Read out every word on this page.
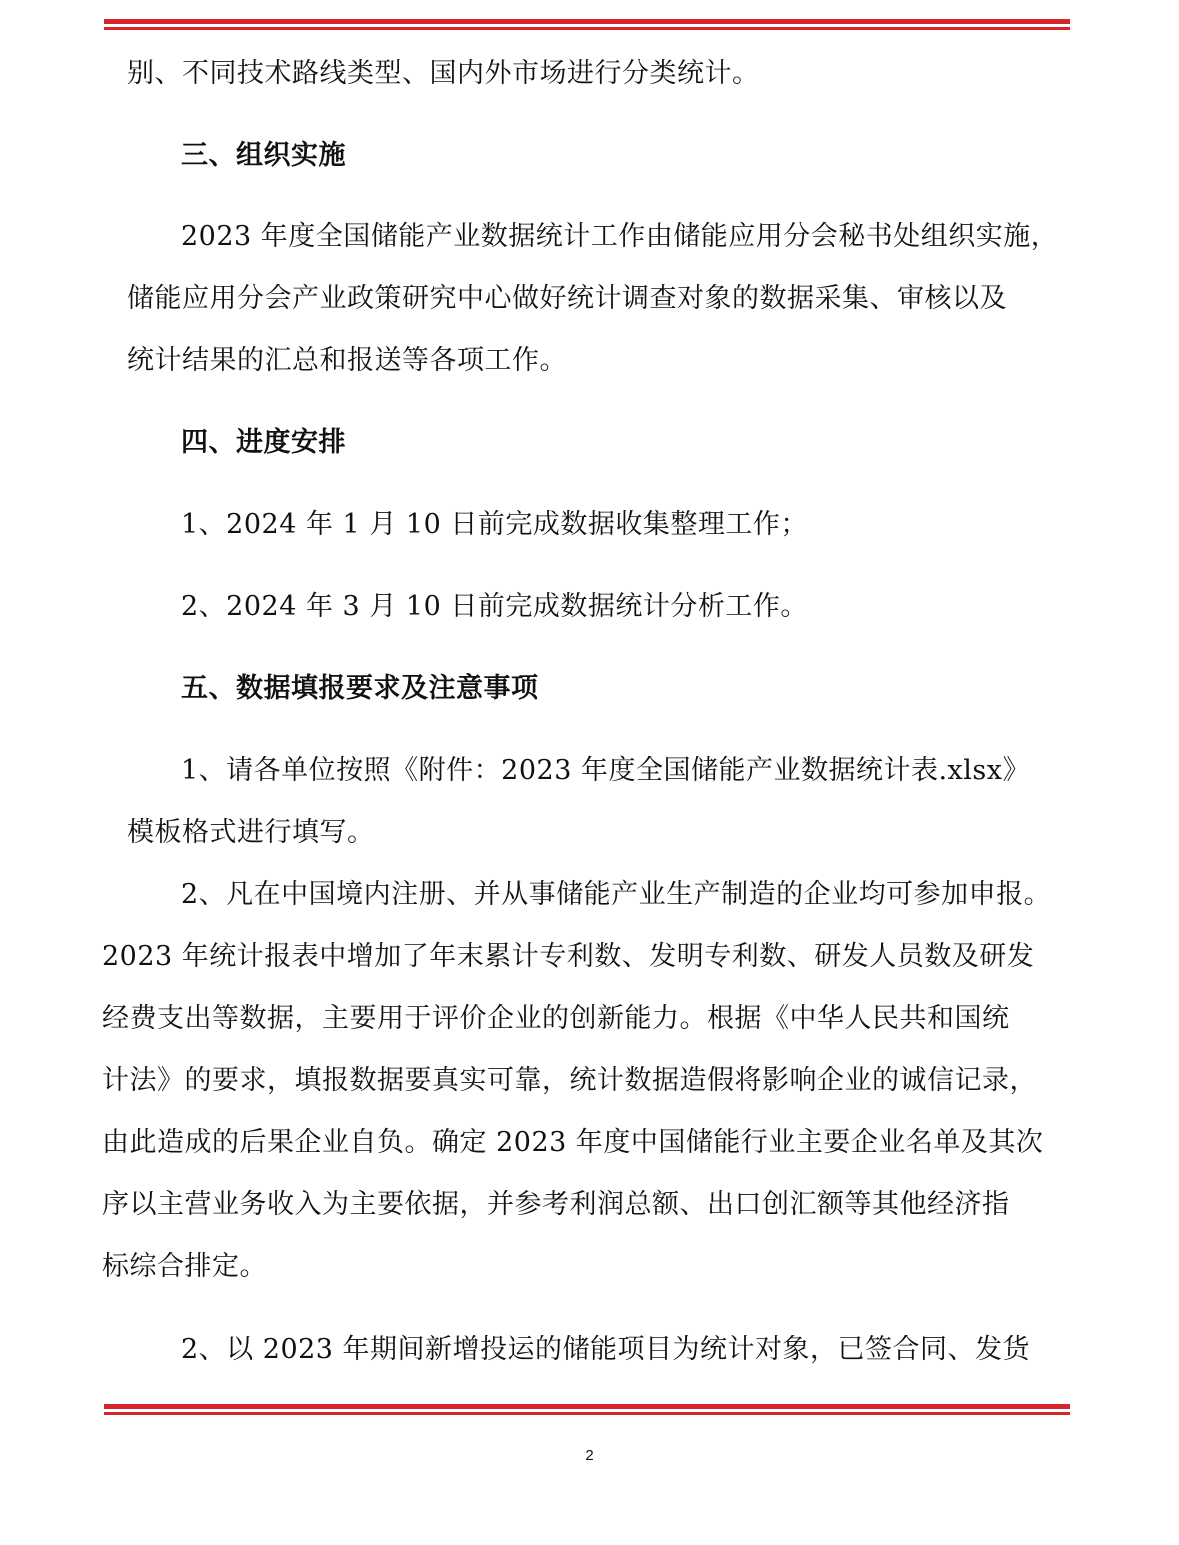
别、不同技术路线类型、国内外市场进行分类统计。
三、组织实施
2023 年度全国储能产业数据统计工作由储能应用分会秘书处组织实施，
储能应用分会产业政策研究中心做好统计调查对象的数据采集、审核以及
统计结果的汇总和报送等各项工作。
四、进度安排
1、2024 年 1 月 10 日前完成数据收集整理工作；
2、2024 年 3 月 10 日前完成数据统计分析工作。
五、数据填报要求及注意事项
1、请各单位按照《附件：2023 年度全国储能产业数据统计表.xlsx》
模板格式进行填写。
2、凡在中国境内注册、并从事储能产业生产制造的企业均可参加申报。
2023 年统计报表中增加了年末累计专利数、发明专利数、研发人员数及研发
经费支出等数据，主要用于评价企业的创新能力。根据《中华人民共和国统
计法》的要求，填报数据要真实可靠，统计数据造假将影响企业的诚信记录，
由此造成的后果企业自负。确定 2023 年度中国储能行业主要企业名单及其次
序以主营业务收入为主要依据，并参考利润总额、出口创汇额等其他经济指
标综合排定。
2、以 2023 年期间新增投运的储能项目为统计对象，已签合同、发货
2
